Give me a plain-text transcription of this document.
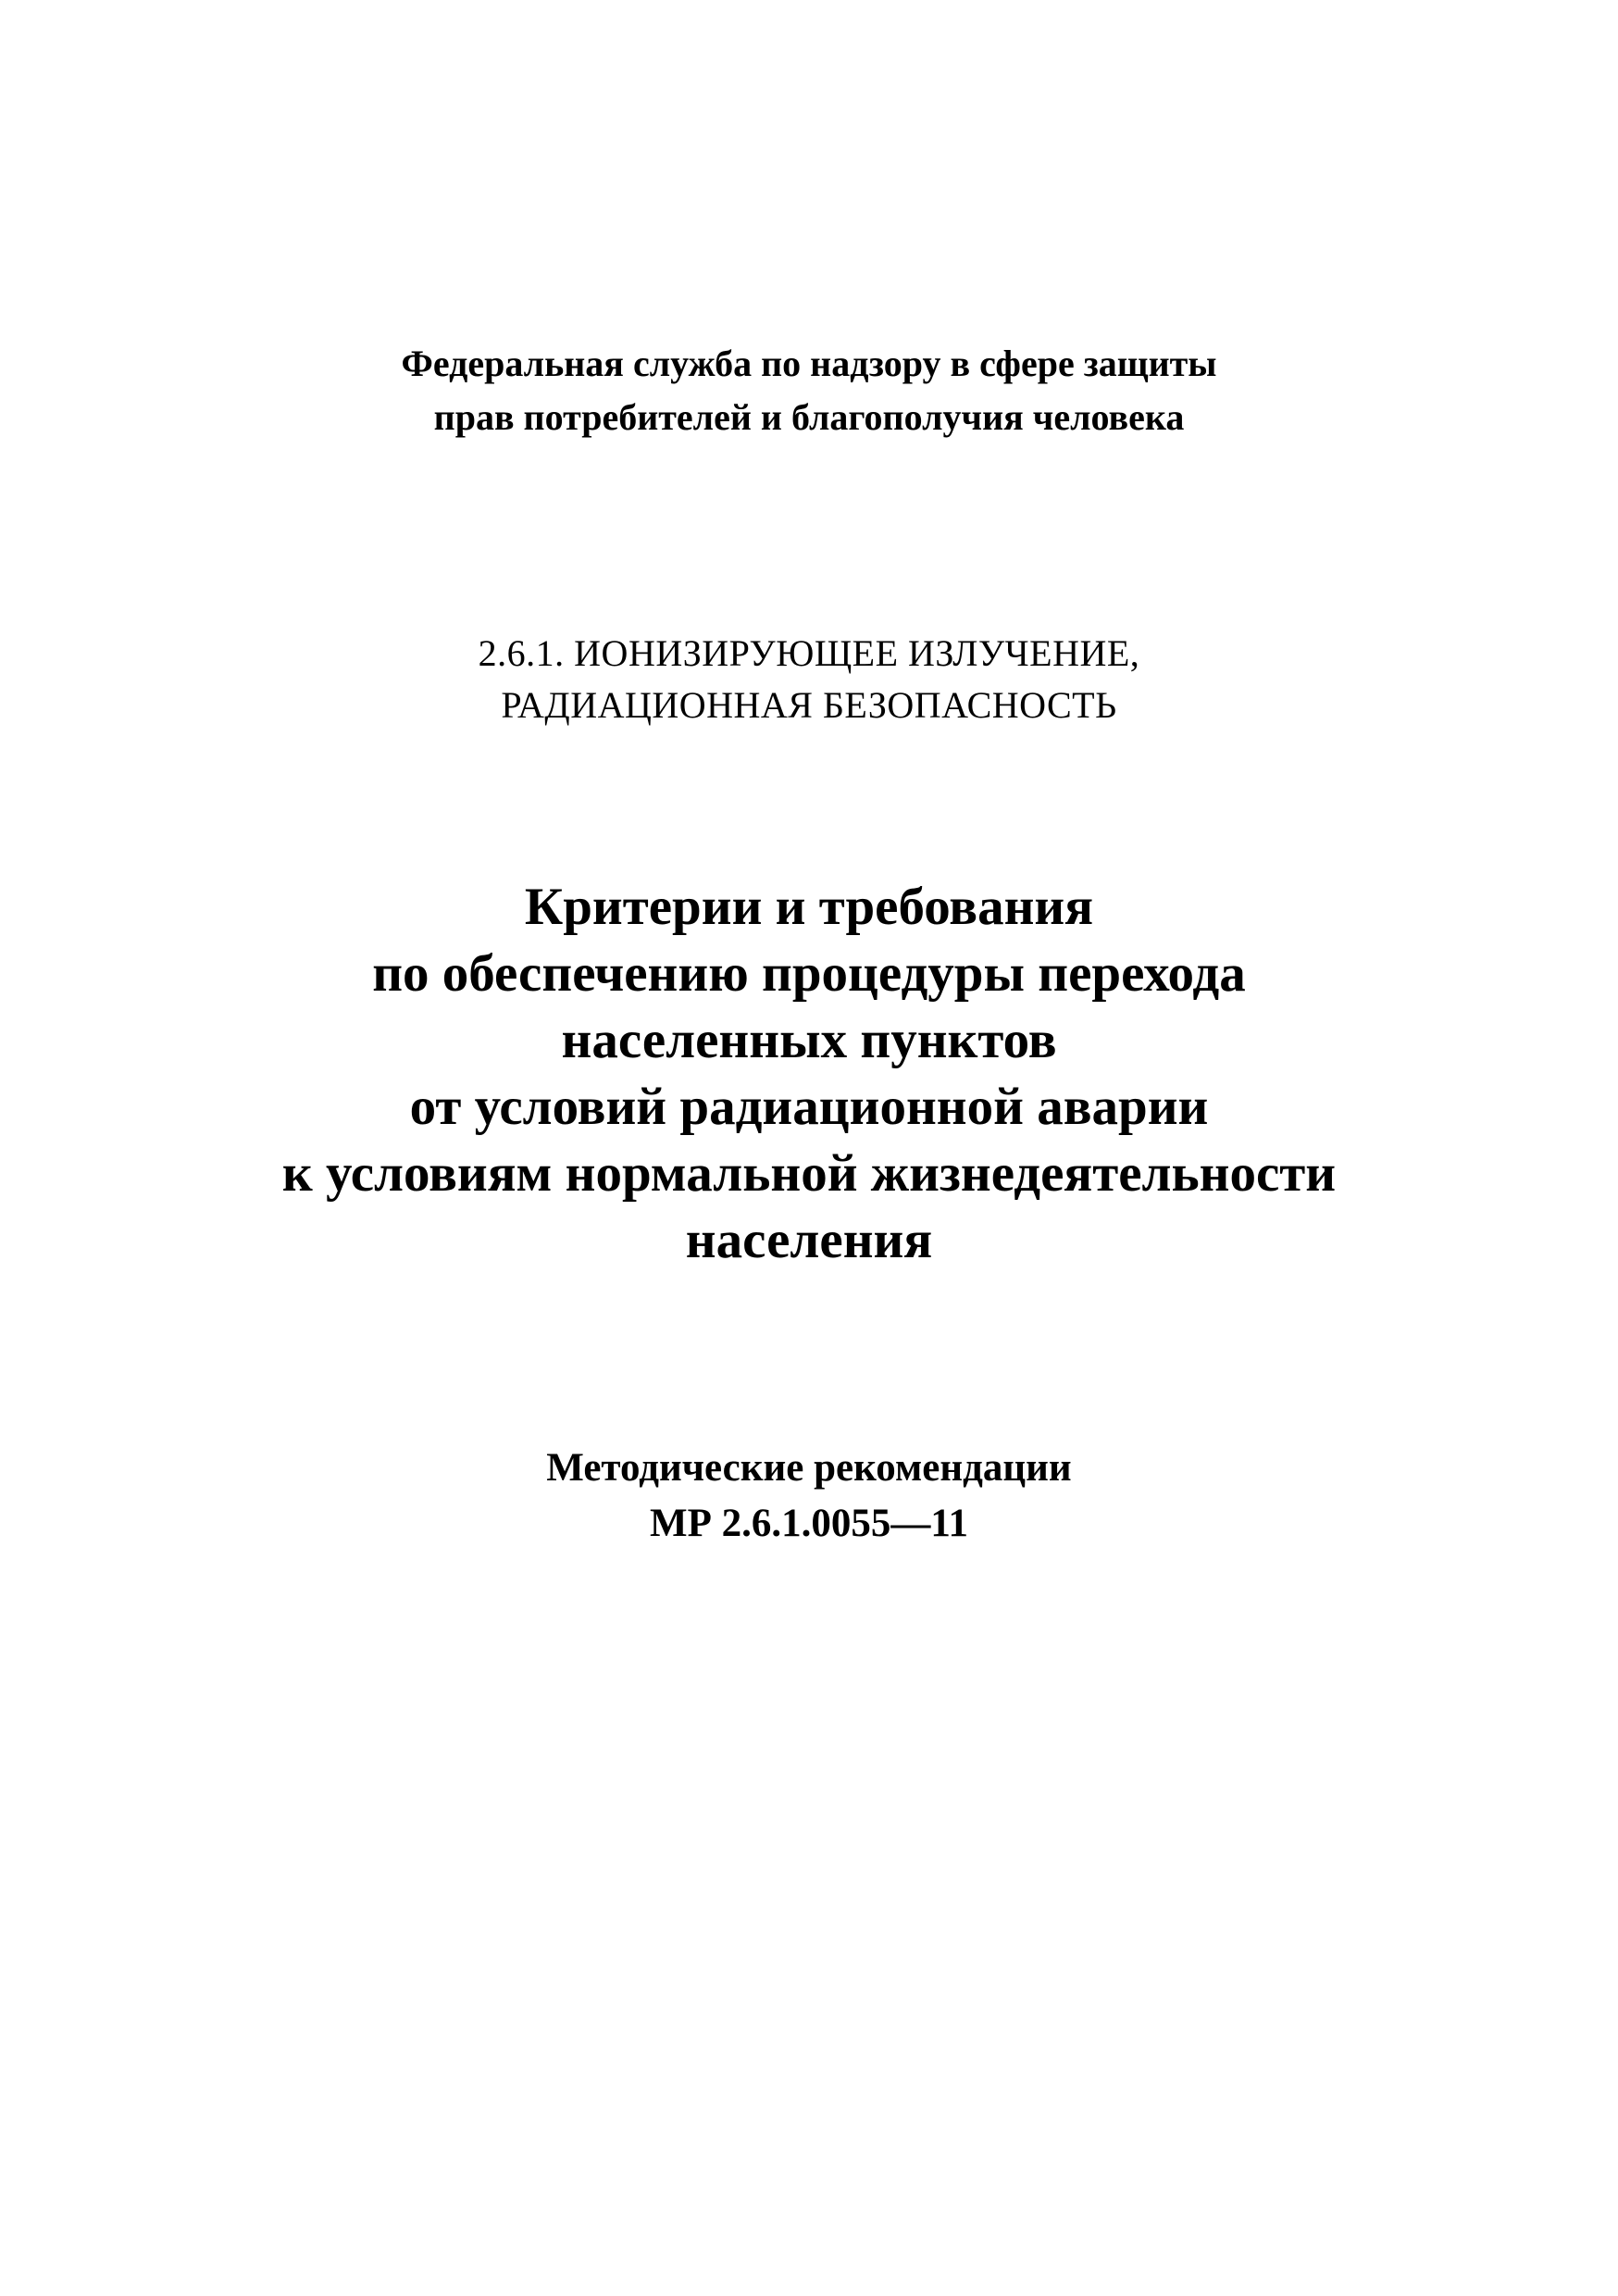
Федеральная служба по надзору в сфере защиты
прав потребителей и благополучия человека
2.6.1. ИОНИЗИРУЮЩЕЕ ИЗЛУЧЕНИЕ,
РАДИАЦИОННАЯ БЕЗОПАСНОСТЬ
Критерии и требования
по обеспечению процедуры перехода
населенных пунктов
от условий радиационной аварии
к условиям нормальной жизнедеятельности
населения
Методические рекомендации
МР 2.6.1.0055—11
